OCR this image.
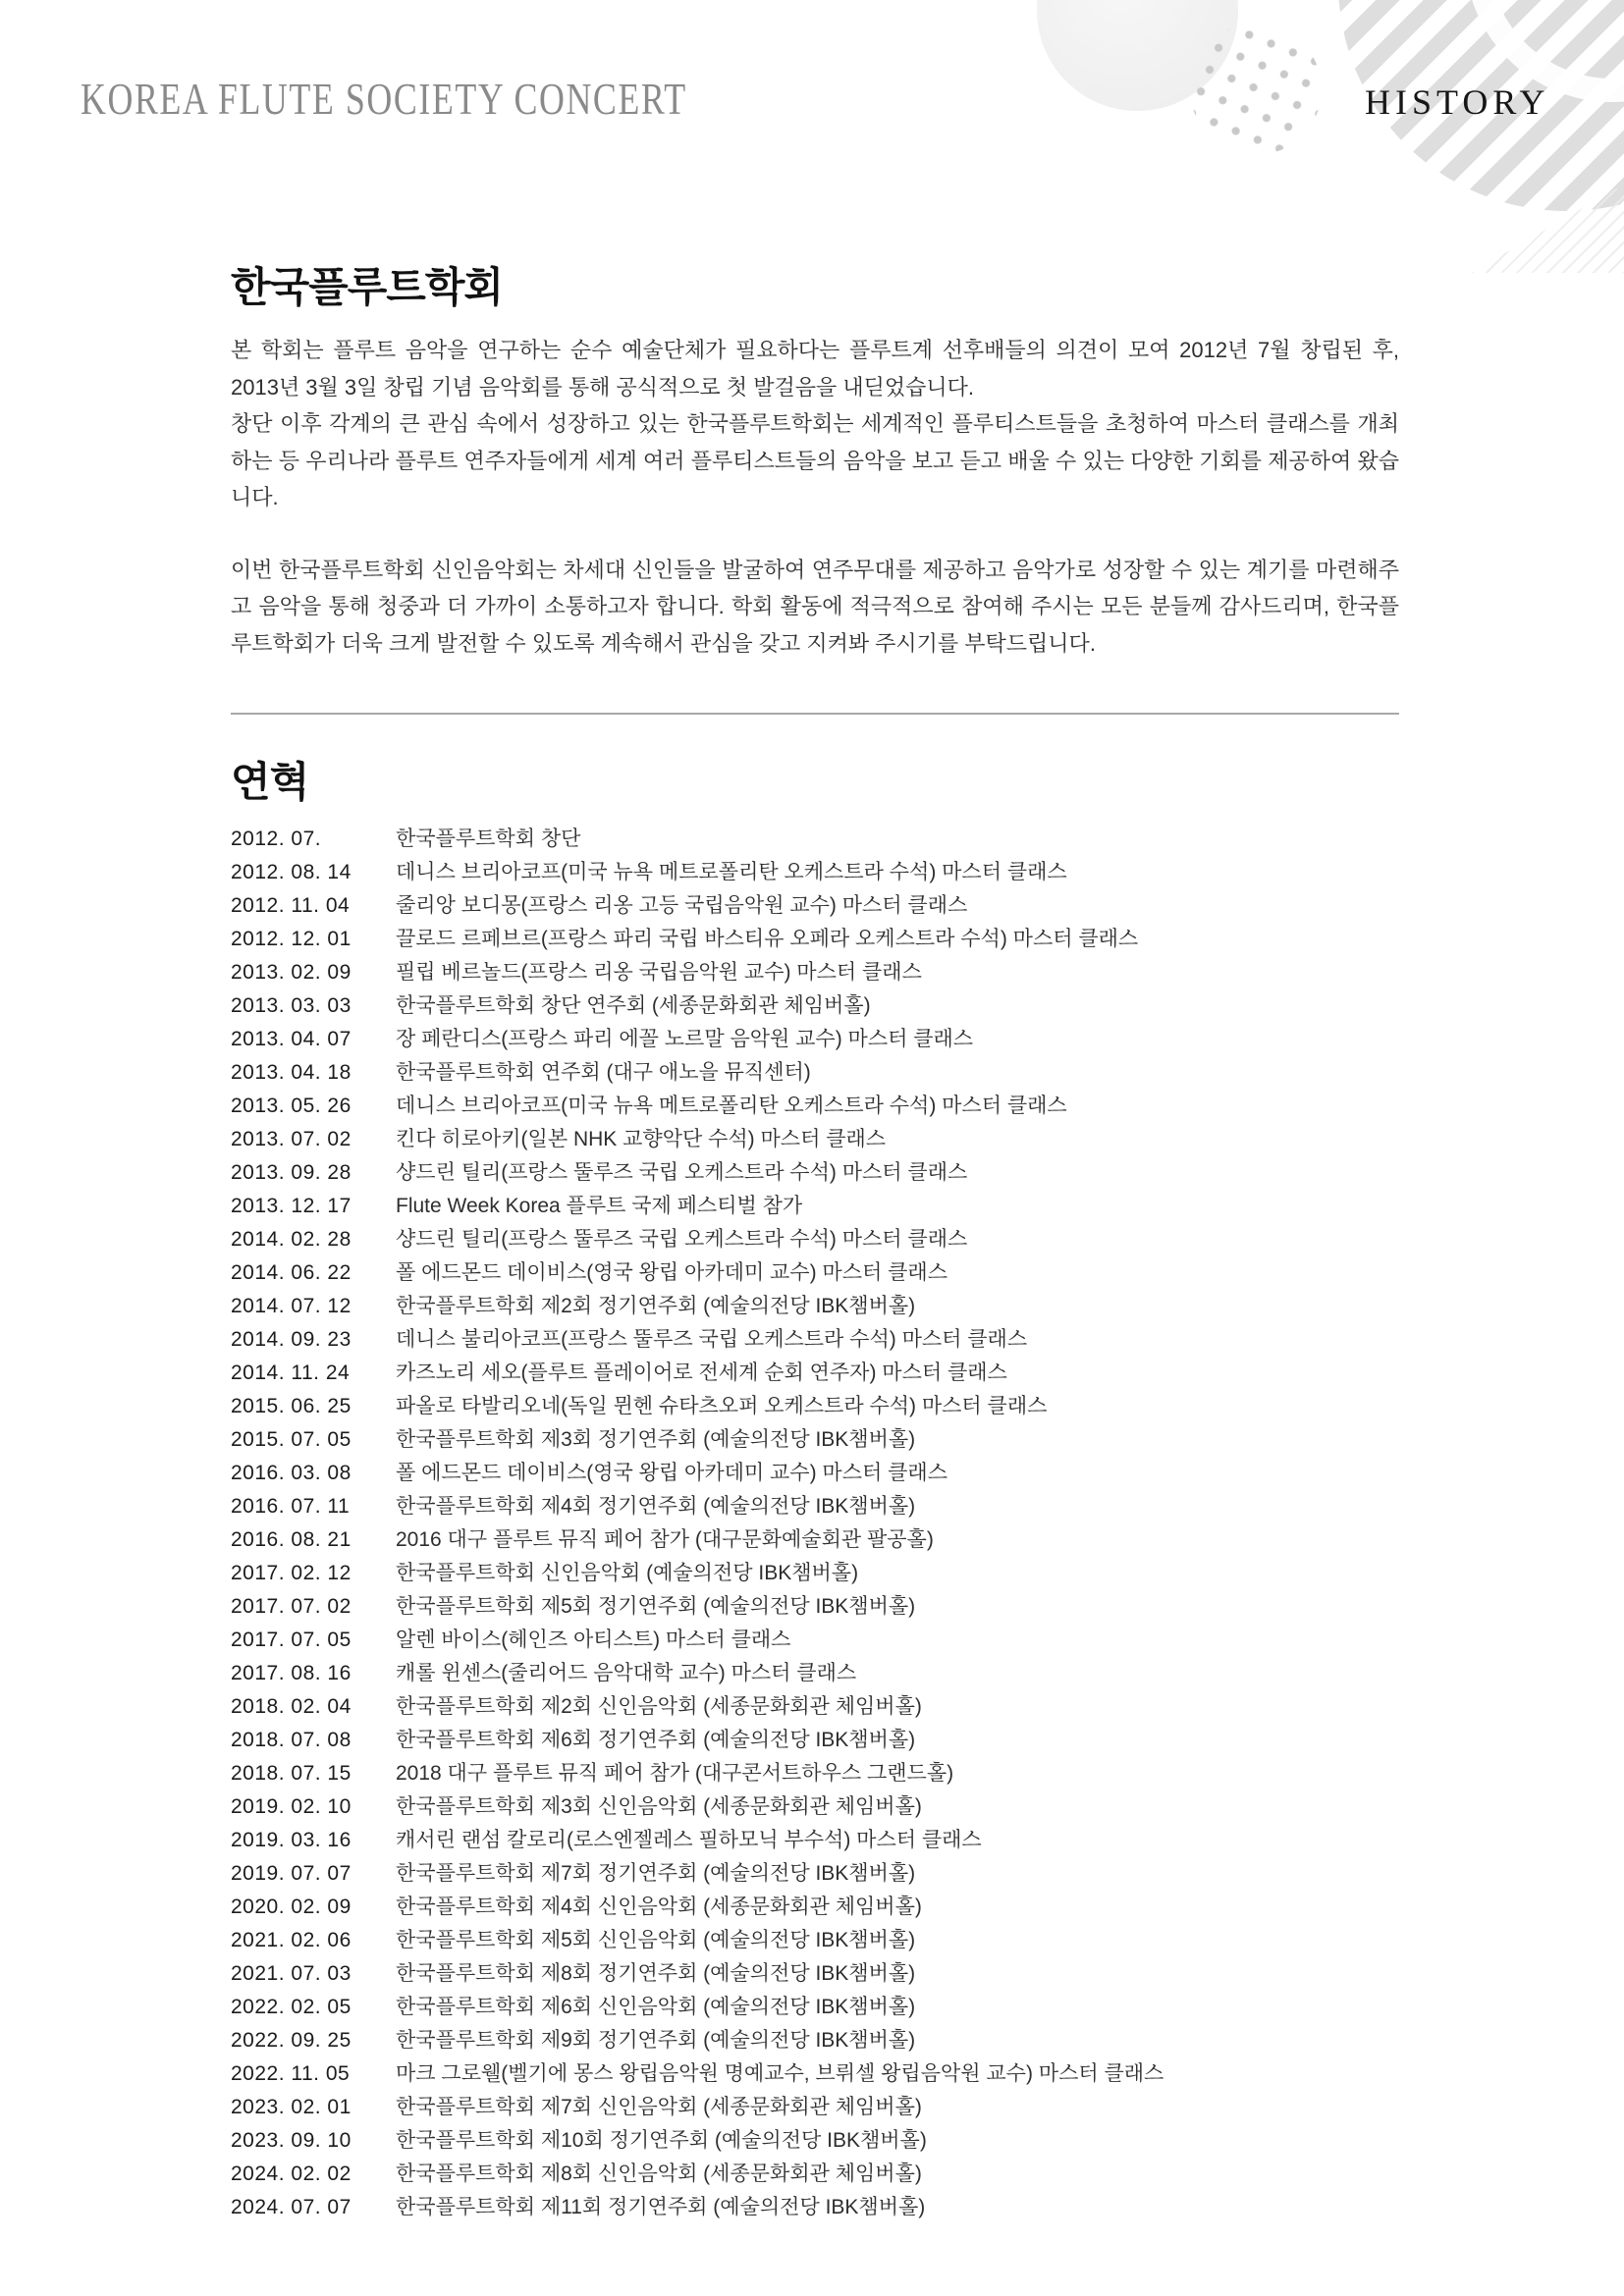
KOREA FLUTE SOCIETY CONCERT	HISTORY
한국플루트학회

본 학회는 플루트 음악을 연구하는 순수 예술단체가 필요하다는 플루트계 선후배들의 의견이 모여 2012년 7월 창립된 후, 2013년 3월 3일 창립 기념 음악회를 통해 공식적으로 첫 발걸음을 내딛었습니다.

창단 이후 각계의 큰 관심 속에서 성장하고 있는 한국플루트학회는 세계적인 플루티스트들을 초청하여 마스터 클래스를 개최하는 등 우리나라 플루트 연주자들에게 세계 여러 플루티스트들의 음악을 보고 듣고 배울 수 있는 다양한 기회를 제공하여 왔습니다.

이번 한국플루트학회 신인음악회는 차세대 신인들을 발굴하여 연주무대를 제공하고 음악가로 성장할 수 있는 계기를 마련해주고 음악을 통해 청중과 더 가까이 소통하고자 합니다. 학회 활동에 적극적으로 참여해 주시는 모든 분들께 감사드리며, 한국플루트학회가 더욱 크게 발전할 수 있도록 계속해서 관심을 갖고 지켜봐 주시기를 부탁드립니다.

연혁
2012. 07.	한국플루트학회 창단
2012. 08. 14	데니스 브리아코프(미국 뉴욕 메트로폴리탄 오케스트라 수석) 마스터 클래스
2012. 11. 04	줄리앙 보디몽(프랑스 리옹 고등 국립음악원 교수) 마스터 클래스
2012. 12. 01	끌로드 르페브르(프랑스 파리 국립 바스티유 오페라 오케스트라 수석) 마스터 클래스
2013. 02. 09	필립 베르놀드(프랑스 리옹 국립음악원 교수) 마스터 클래스
2013. 03. 03	한국플루트학회 창단 연주회 (세종문화회관 체임버홀)
2013. 04. 07	장 페란디스(프랑스 파리 에꼴 노르말 음악원 교수) 마스터 클래스
2013. 04. 18	한국플루트학회 연주회 (대구 애노을 뮤직센터)
2013. 05. 26	데니스 브리아코프(미국 뉴욕 메트로폴리탄 오케스트라 수석) 마스터 클래스
2013. 07. 02	킨다 히로아키(일본 NHK 교향악단 수석) 마스터 클래스
2013. 09. 28	샹드린 틸리(프랑스 뚤루즈 국립 오케스트라 수석) 마스터 클래스
2013. 12. 17	Flute Week Korea 플루트 국제 페스티벌 참가
2014. 02. 28	샹드린 틸리(프랑스 뚤루즈 국립 오케스트라 수석) 마스터 클래스
2014. 06. 22	폴 에드몬드 데이비스(영국 왕립 아카데미 교수) 마스터 클래스
2014. 07. 12	한국플루트학회 제2회 정기연주회 (예술의전당 IBK챔버홀)
2014. 09. 23	데니스 불리아코프(프랑스 뚤루즈 국립 오케스트라 수석) 마스터 클래스
2014. 11. 24	카즈노리 세오(플루트 플레이어로 전세계 순회 연주자) 마스터 클래스
2015. 06. 25	파올로 타발리오네(독일 뮌헨 슈타츠오퍼 오케스트라 수석) 마스터 클래스
2015. 07. 05	한국플루트학회 제3회 정기연주회 (예술의전당 IBK챔버홀)
2016. 03. 08	폴 에드몬드 데이비스(영국 왕립 아카데미 교수) 마스터 클래스
2016. 07. 11	한국플루트학회 제4회 정기연주회 (예술의전당 IBK챔버홀)
2016. 08. 21	2016 대구 플루트 뮤직 페어 참가 (대구문화예술회관 팔공홀)
2017. 02. 12	한국플루트학회 신인음악회 (예술의전당 IBK챔버홀)
2017. 07. 02	한국플루트학회 제5회 정기연주회 (예술의전당 IBK챔버홀)
2017. 07. 05	알렌 바이스(헤인즈 아티스트) 마스터 클래스
2017. 08. 16	캐롤 윈센스(줄리어드 음악대학 교수) 마스터 클래스
2018. 02. 04	한국플루트학회 제2회 신인음악회 (세종문화회관 체임버홀)
2018. 07. 08	한국플루트학회 제6회 정기연주회 (예술의전당 IBK챔버홀)
2018. 07. 15	2018 대구 플루트 뮤직 페어 참가 (대구콘서트하우스 그랜드홀)
2019. 02. 10	한국플루트학회 제3회 신인음악회 (세종문화회관 체임버홀)
2019. 03. 16	캐서린 랜섬 칼로리(로스엔젤레스 필하모닉 부수석) 마스터 클래스
2019. 07. 07	한국플루트학회 제7회 정기연주회 (예술의전당 IBK챔버홀)
2020. 02. 09	한국플루트학회 제4회 신인음악회 (세종문화회관 체임버홀)
2021. 02. 06	한국플루트학회 제5회 신인음악회 (예술의전당 IBK챔버홀)
2021. 07. 03	한국플루트학회 제8회 정기연주회 (예술의전당 IBK챔버홀)
2022. 02. 05	한국플루트학회 제6회 신인음악회 (예술의전당 IBK챔버홀)
2022. 09. 25	한국플루트학회 제9회 정기연주회 (예술의전당 IBK챔버홀)
2022. 11. 05	마크 그로웰(벨기에 몽스 왕립음악원 명예교수, 브뤼셀 왕립음악원 교수) 마스터 클래스
2023. 02. 01	한국플루트학회 제7회 신인음악회 (세종문화회관 체임버홀)
2023. 09. 10	한국플루트학회 제10회 정기연주회 (예술의전당 IBK챔버홀)
2024. 02. 02	한국플루트학회 제8회 신인음악회 (세종문화회관 체임버홀)
2024. 07. 07	한국플루트학회 제11회 정기연주회 (예술의전당 IBK챔버홀)
